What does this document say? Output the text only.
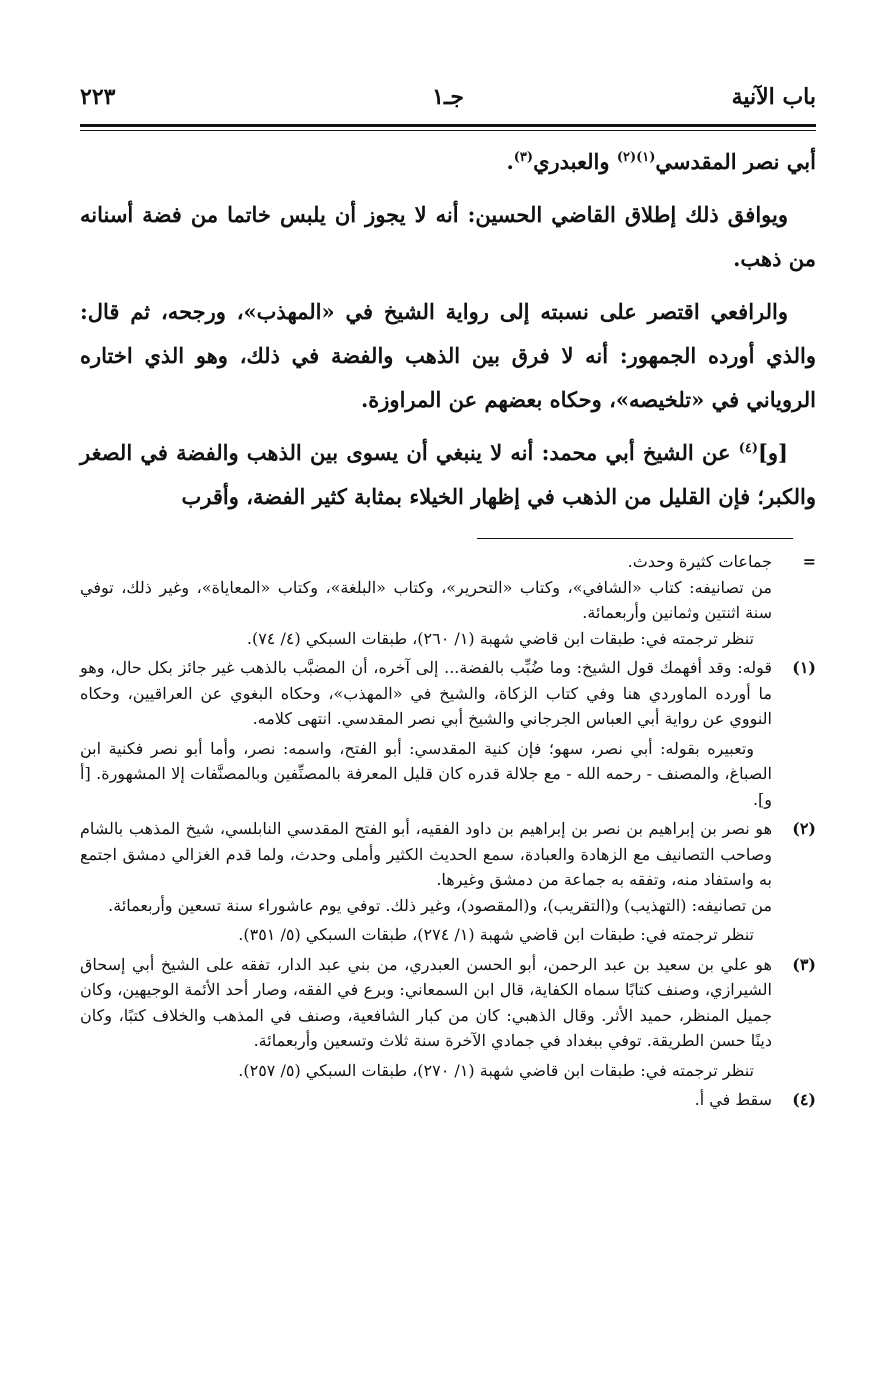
باب الآنية
جـ١
٢٢٣

أبي نصر المقدسي$^{(١)(٢)}$ والعبدري$^{(٣)}$.

ويوافق ذلك إطلاق القاضي الحسين: أنه لا يجوز أن يلبس خاتما من فضة أسنانه من ذهب.

والرافعي اقتصر على نسبته إلى رواية الشيخ في «المهذب»، ورجحه، ثم قال: والذي أورده الجمهور: أنه لا فرق بين الذهب والفضة في ذلك، وهو الذي اختاره الروياني في «تلخيصه»، وحكاه بعضهم عن المراوزة.

[و]$^{(٤)}$ عن الشيخ أبي محمد: أنه لا ينبغي أن يسوى بين الذهب والفضة في الصغر والكبر؛ فإن القليل من الذهب في إظهار الخيلاء بمثابة كثير الفضة، وأقرب

=

جماعات كثيرة وحدث.

من تصانيفه: كتاب «الشافي»، وكتاب «التحرير»، وكتاب «البلغة»، وكتاب «المعاياة»، وغير ذلك، توفي سنة اثنتين وثمانين وأربعمائة.

تنظر ترجمته في: طبقات ابن قاضي شهبة (١/ ٢٦٠)، طبقات السبكي (٤/ ٧٤).

(١)

قوله: وقد أفهمك قول الشيخ: وما ضُبِّب بالفضة... إلى آخره، أن المضبَّب بالذهب غير جائز بكل حال، وهو ما أورده الماوردي هنا وفي كتاب الزكاة، والشيخ في «المهذب»، وحكاه البغوي عن العراقيين، وحكاه النووي عن رواية أبي العباس الجرجاني والشيخ أبي نصر المقدسي. انتهى كلامه.

وتعبيره بقوله: أبي نصر، سهو؛ فإن كنية المقدسي: أبو الفتح، واسمه: نصر، وأما أبو نصر فكنية ابن الصباغ، والمصنف - رحمه الله - مع جلالة قدره كان قليل المعرفة بالمصنِّفين وبالمصنَّفات إلا المشهورة. [أ و].

(٢)

هو نصر بن إبراهيم بن نصر بن إبراهيم بن داود الفقيه، أبو الفتح المقدسي النابلسي، شيخ المذهب بالشام وصاحب التصانيف مع الزهادة والعبادة، سمع الحديث الكثير وأملى وحدث، ولما قدم الغزالي دمشق اجتمع به واستفاد منه، وتفقه به جماعة من دمشق وغيرها.

من تصانيفه: (التهذيب) و(التقريب)، و(المقصود)، وغير ذلك. توفي يوم عاشوراء سنة تسعين وأربعمائة.

تنظر ترجمته في: طبقات ابن قاضي شهبة (١/ ٢٧٤)، طبقات السبكي (٥/ ٣٥١).

(٣)

هو علي بن سعيد بن عبد الرحمن، أبو الحسن العبدري، من بني عبد الدار، تفقه على الشيخ أبي إسحاق الشيرازي، وصنف كتابًا سماه الكفاية، قال ابن السمعاني: وبرع في الفقه، وصار أحد الأئمة الوجيهين، وكان جميل المنظر، حميد الأثر. وقال الذهبي: كان من كبار الشافعية، وصنف في المذهب والخلاف كتبًا، وكان دينًا حسن الطريقة. توفي ببغداد في جمادي الآخرة سنة ثلاث وتسعين وأربعمائة.

تنظر ترجمته في: طبقات ابن قاضي شهبة (١/ ٢٧٠)، طبقات السبكي (٥/ ٢٥٧).

(٤)

سقط في أ.
